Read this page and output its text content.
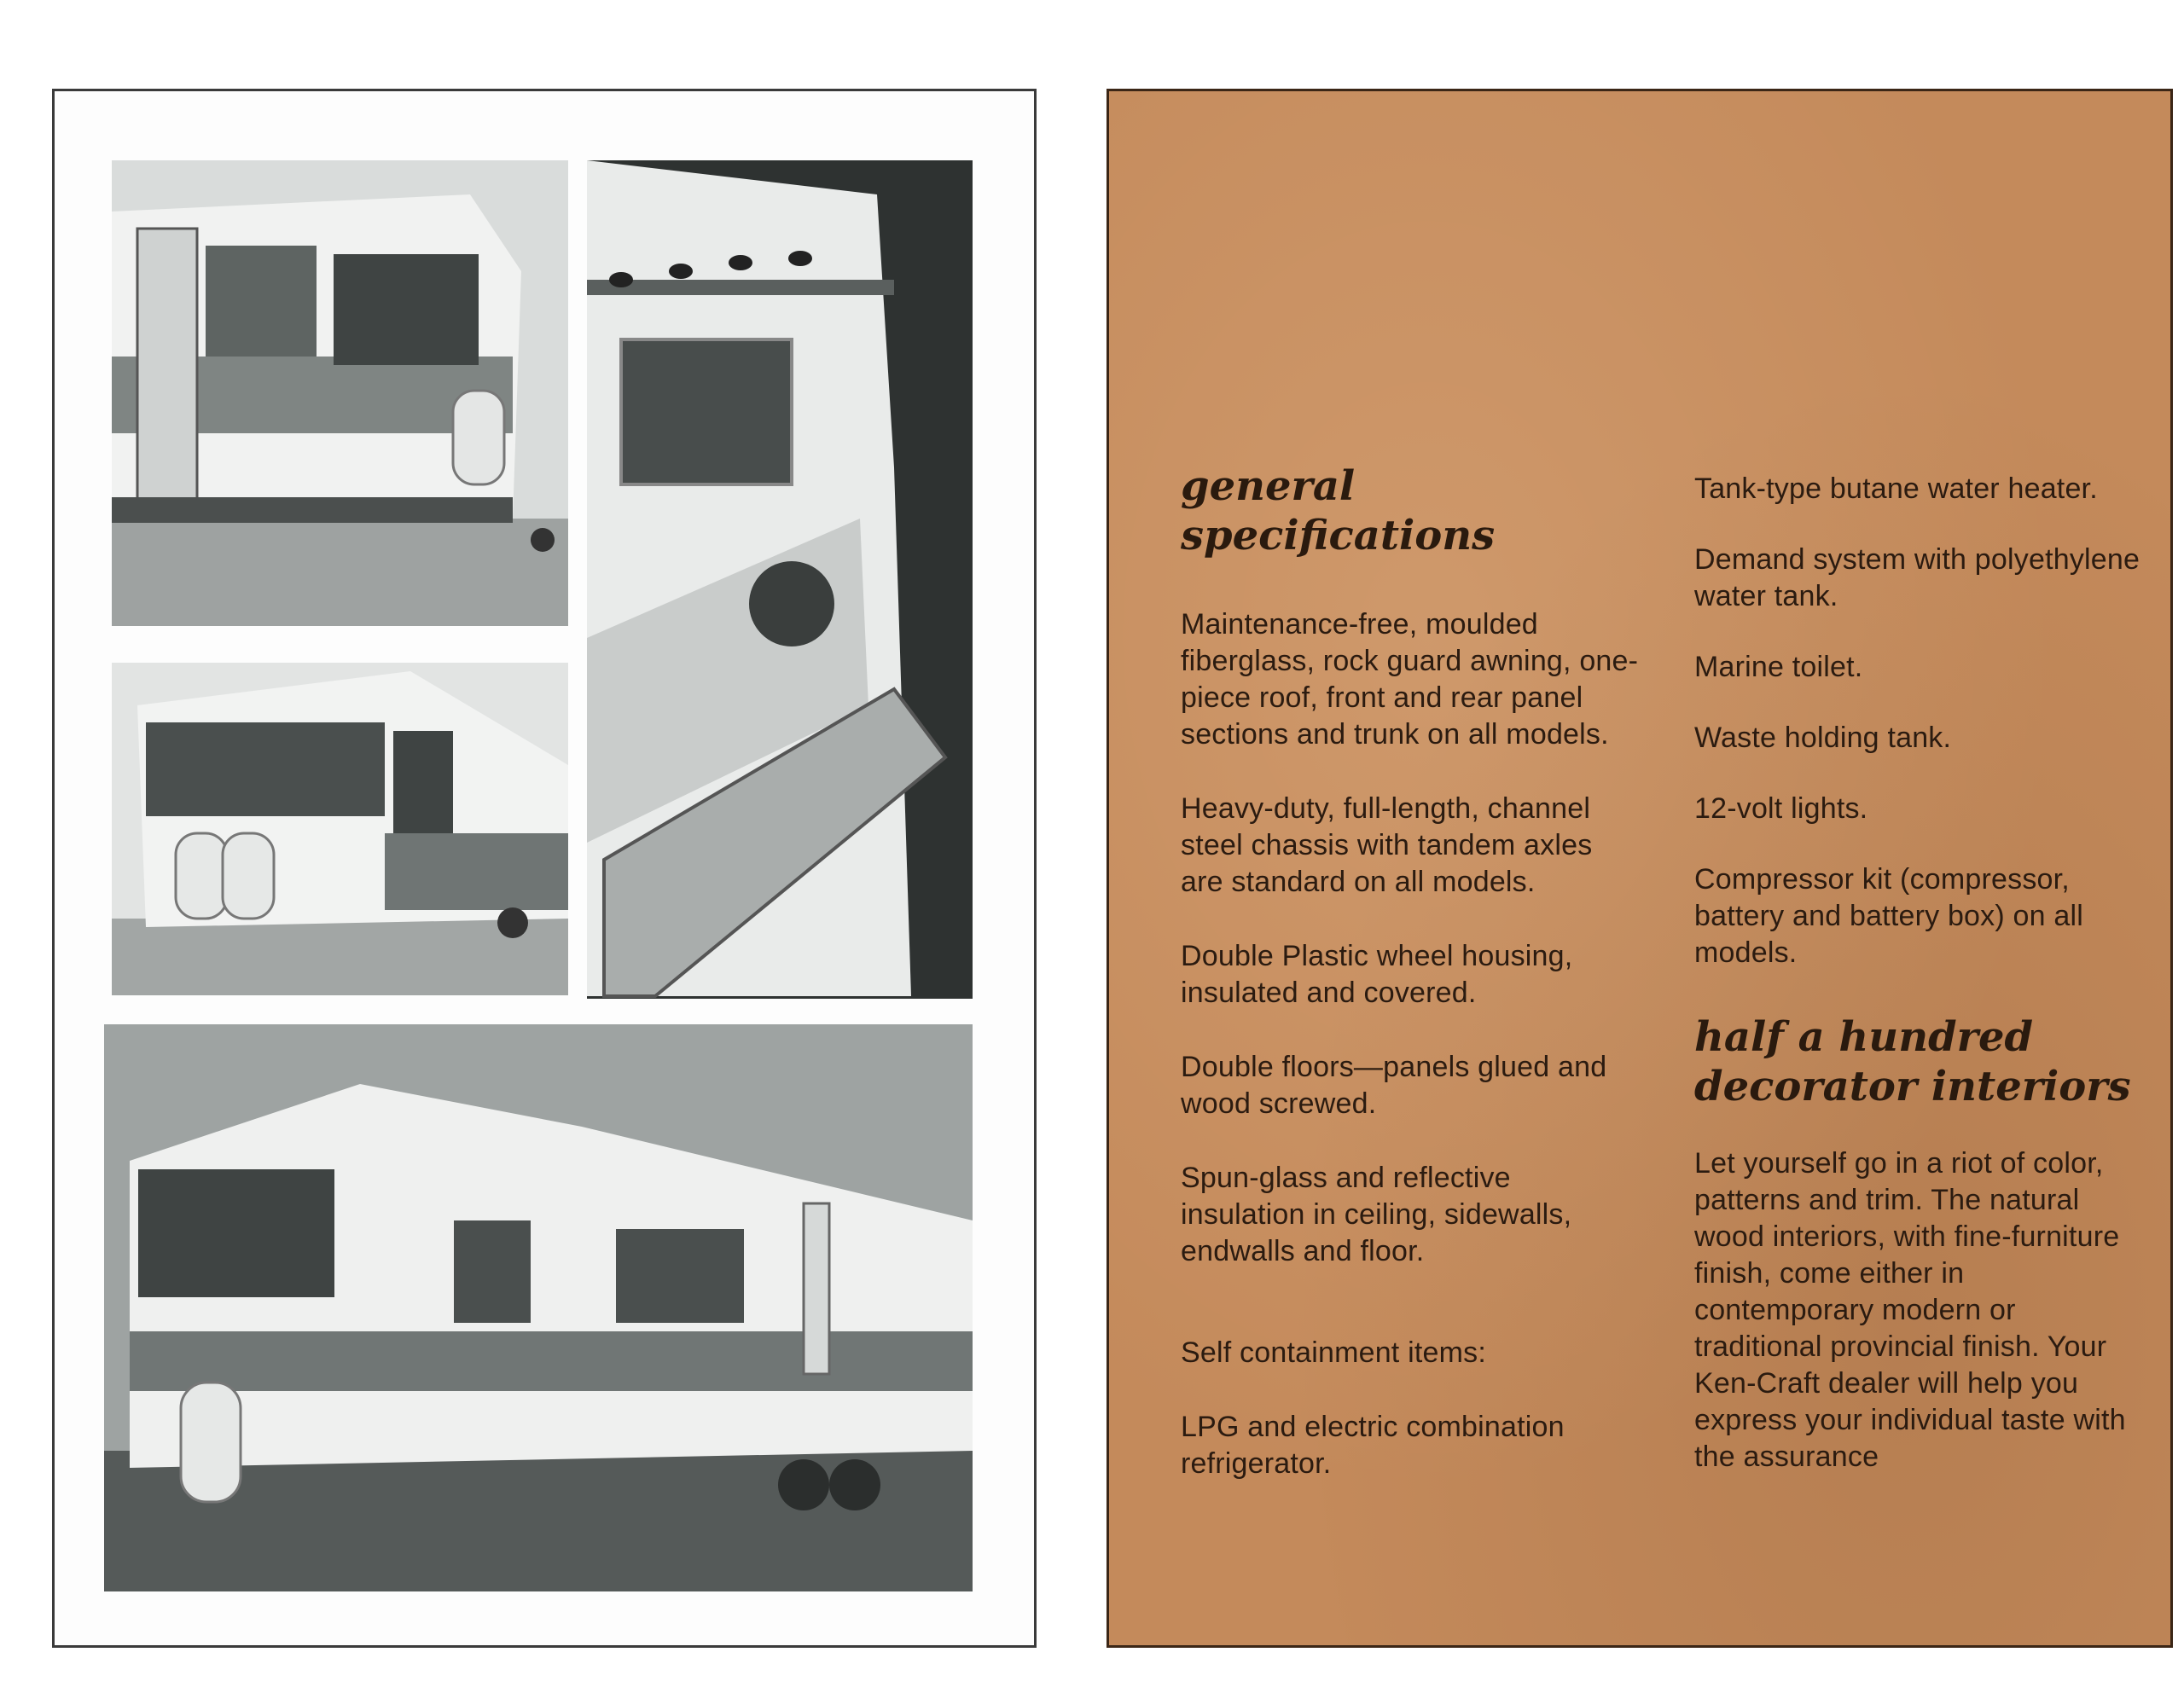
general
specifications

Maintenance-free, moulded fiberglass, rock guard awning, one-piece roof, front and rear panel sections and trunk on all models.

Heavy-duty, full-length, channel steel chassis with tandem axles are standard on all models.

Double Plastic wheel housing, insulated and covered.

Double floors—panels glued and wood screwed.

Spun-glass and reflective insulation in ceiling, sidewalls, endwalls and floor.

Self containment items:

LPG and electric combination refrigerator.

Tank-type butane water heater.

Demand system with polyethylene water tank.

Marine toilet.

Waste holding tank.

12-volt lights.

Compressor kit (compressor, battery and battery box) on all models.

half a hundred
decorator interiors

Let yourself go in a riot of color, patterns and trim. The natural wood interiors, with fine-furniture finish, come either in contemporary modern or traditional provincial finish. Your Ken-Craft dealer will help you express your individual taste with the assurance
